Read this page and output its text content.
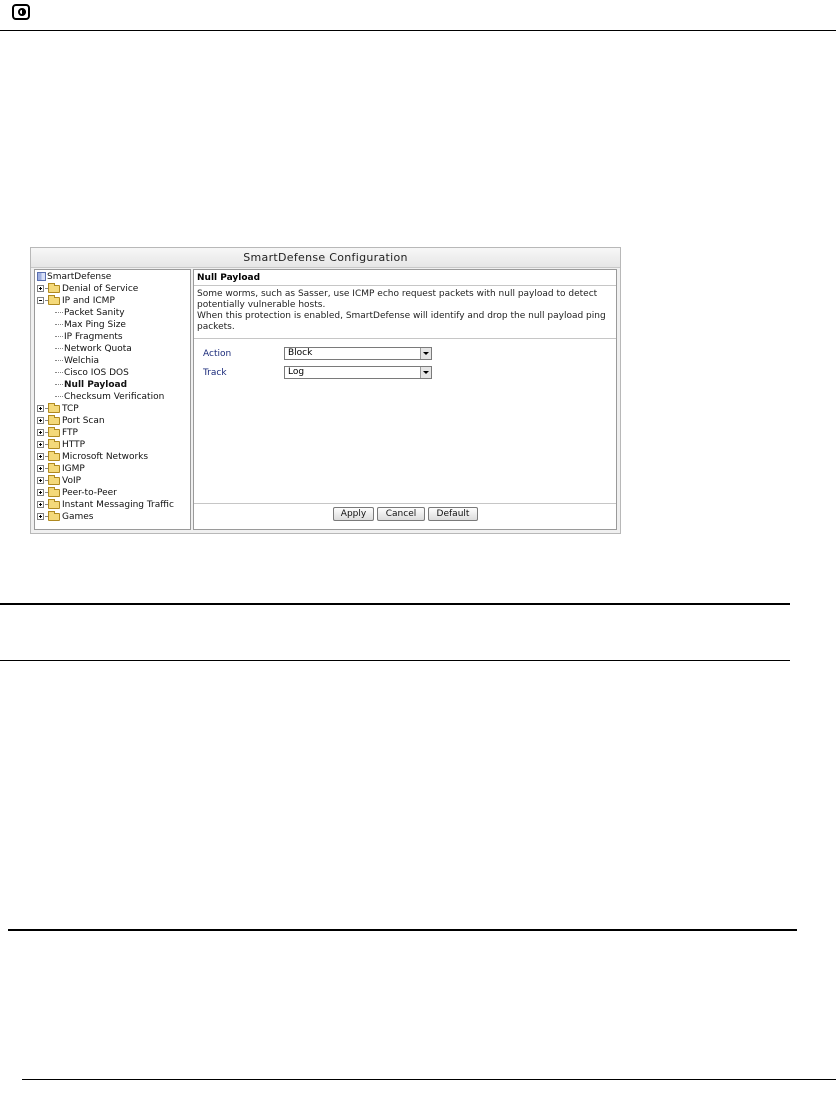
SmartDefense Configuration
SmartDefense
Denial of Service
IP and ICMP
Packet Sanity
Max Ping Size
IP Fragments
Network Quota
Welchia
Cisco IOS DOS
Null Payload
Checksum Verification
TCP
Port Scan
FTP
HTTP
Microsoft Networks
IGMP
VoIP
Peer-to-Peer
Instant Messaging Traffic
Games
Null Payload
Some worms, such as Sasser, use ICMP echo request packets with null payload to detect
potentially vulnerable hosts.
When this protection is enabled, SmartDefense will identify and drop the null payload ping
packets.
Action	Block
Track	Log
Apply	Cancel	Default
